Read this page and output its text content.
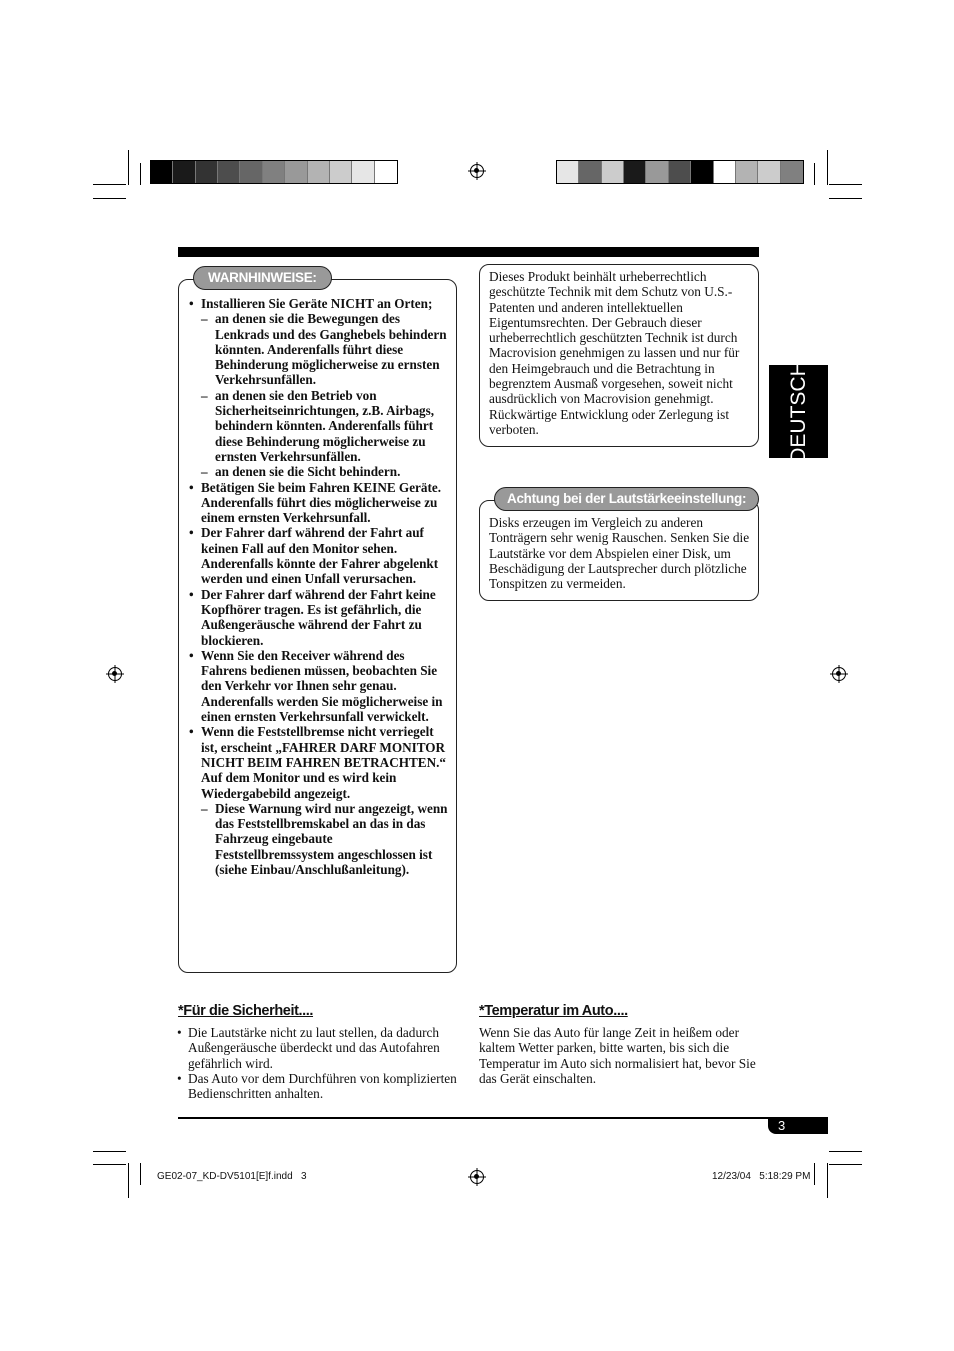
DEUTSCH
• Installieren Sie Geräte NICHT an Orten;
– an denen sie die Bewegungen des Lenkrads und des Ganghebels behindern könnten. Anderenfalls führt diese Behinderung möglicherweise zu ernsten Verkehrsunfällen.
– an denen sie den Betrieb von Sicherheitseinrichtungen, z.B. Airbags, behindern könnten. Anderenfalls führt diese Behinderung möglicherweise zu ernsten Verkehrsunfällen.
– an denen sie die Sicht behindern.
• Betätigen Sie beim Fahren KEINE Geräte. Anderenfalls führt dies möglicherweise zu einem ernsten Verkehrsunfall.
• Der Fahrer darf während der Fahrt auf keinen Fall auf den Monitor sehen. Anderenfalls könnte der Fahrer abgelenkt werden und einen Unfall verursachen.
• Der Fahrer darf während der Fahrt keine Kopfhörer tragen. Es ist gefährlich, die Außengeräusche während der Fahrt zu blockieren.
• Wenn Sie den Receiver während des Fahrens bedienen müssen, beobachten Sie den Verkehr vor Ihnen sehr genau. Anderenfalls werden Sie möglicherweise in einen ernsten Verkehrsunfall verwickelt.
• Wenn die Feststellbremse nicht verriegelt ist, erscheint „FAHRER DARF MONITOR NICHT BEIM FAHREN BETRACHTEN.“ Auf dem Monitor und es wird kein Wiedergabebild angezeigt.
– Diese Warnung wird nur angezeigt, wenn das Feststellbremskabel an das in das Fahrzeug eingebaute Feststellbremssystem angeschlossen ist (siehe Einbau/Anschlußanleitung).
WARNHINWEISE:	Dieses Produkt beinhält urheberrechtlich geschützte Technik mit dem Schutz von U.S.-Patenten und anderen intellektuellen Eigentumsrechten. Der Gebrauch dieser urheberrechtlich geschützten Technik ist durch Macrovision genehmigen zu lassen und nur für den Heimgebrauch und die Betrachtung in begrenztem Ausmaß vorgesehen, soweit nicht ausdrücklich von Macrovision genehmigt. Rückwärtige Entwicklung oder Zerlegung ist verboten.

Disks erzeugen im Vergleich zu anderen Tonträgern sehr wenig Rauschen. Senken Sie die Lautstärke vor dem Abspielen einer Disk, um Beschädigung der Lautsprecher durch plötzliche Tonspitzen zu vermeiden.

Achtung bei der Lautstärkeeinstellung:
*Für die Sicherheit....
• Die Lautstärke nicht zu laut stellen, da dadurch Außengeräusche überdeckt und das Autofahren gefährlich wird.
• Das Auto vor dem Durchführen von komplizierten Bedienschritten anhalten.
*Temperatur im Auto....

Wenn Sie das Auto für lange Zeit in heißem oder kaltem Wetter parken, bitte warten, bis sich die Temperatur im Auto sich normalisiert hat, bevor Sie das Gerät einschalten.

3
GE02-07_KD-DV5101[E]f.indd   3	12/23/04   5:18:29 PM
